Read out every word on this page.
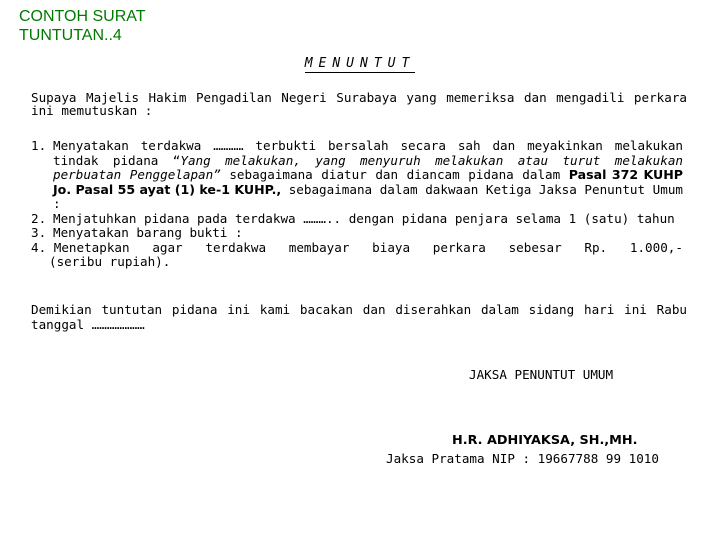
CONTOH SURAT
TUNTUTAN..4
MENUNTUT
Supaya Majelis Hakim Pengadilan Negeri Surabaya yang memeriksa dan mengadili perkara ini memutuskan :
1. Menyatakan terdakwa ………… terbukti bersalah secara sah dan meyakinkan melakukan tindak pidana “Yang melakukan, yang menyuruh melakukan atau turut melakukan perbuatan Penggelapan” sebagaimana diatur dan diancam pidana dalam Pasal 372 KUHP Jo. Pasal 55 ayat (1) ke-1 KUHP., sebagaimana dalam dakwaan Ketiga Jaksa Penuntut Umum :
2. Menjatuhkan pidana pada terdakwa ……….. dengan pidana penjara selama 1 (satu) tahun
3. Menyatakan barang bukti :
4. Menetapkan agar terdakwa membayar biaya perkara sebesar Rp. 1.000,-
(seribu rupiah).
Demikian tuntutan pidana ini kami bacakan dan diserahkan dalam sidang hari ini Rabu tanggal …………………
JAKSA PENUNTUT UMUM
H.R. ADHIYAKSA, SH.,MH.
Jaksa Pratama NIP : 19667788 99 1010
